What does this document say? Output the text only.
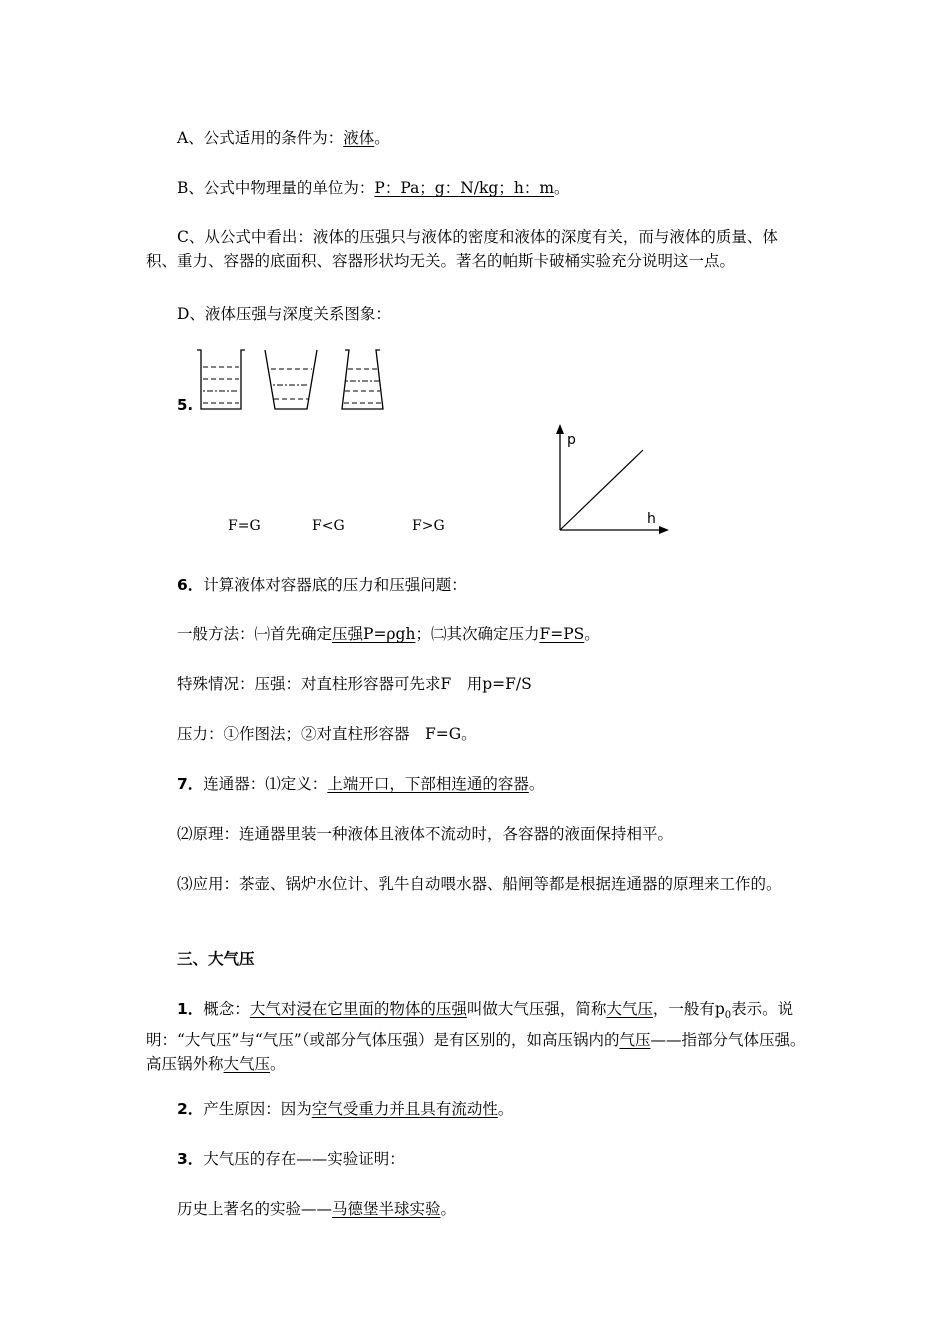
A、公式适用的条件为：液体。
B、公式中物理量的单位为：P：Pa；g：N/kg；h：m。
C、从公式中看出：液体的压强只与液体的密度和液体的深度有关，而与液体的质量、体积、重力、容器的底面积、容器形状均无关。著名的帕斯卡破桶实验充分说明这一点。
D、液体压强与深度关系图象：
5.
F=G	F<G	F>G
p
h
6．计算液体对容器底的压力和压强问题：
一般方法：㈠首先确定压强P=ρgh；㈡其次确定压力F=PS。
特殊情况：压强：对直柱形容器可先求F　用p=F/S
压力：①作图法；②对直柱形容器　F=G。
7．连通器：⑴定义：上端开口，下部相连通的容器。
⑵原理：连通器里装一种液体且液体不流动时，各容器的液面保持相平。
⑶应用：茶壶、锅炉水位计、乳牛自动喂水器、船闸等都是根据连通器的原理来工作的。
三、大气压
1．概念：大气对浸在它里面的物体的压强叫做大气压强，简称大气压，一般有$p_0$表示。说明：“大气压”与“气压”（或部分气体压强）是有区别的，如高压锅内的气压——指部分气体压强。高压锅外称大气压。
2．产生原因：因为空气受重力并且具有流动性。
3．大气压的存在——实验证明：
历史上著名的实验——马德堡半球实验。
